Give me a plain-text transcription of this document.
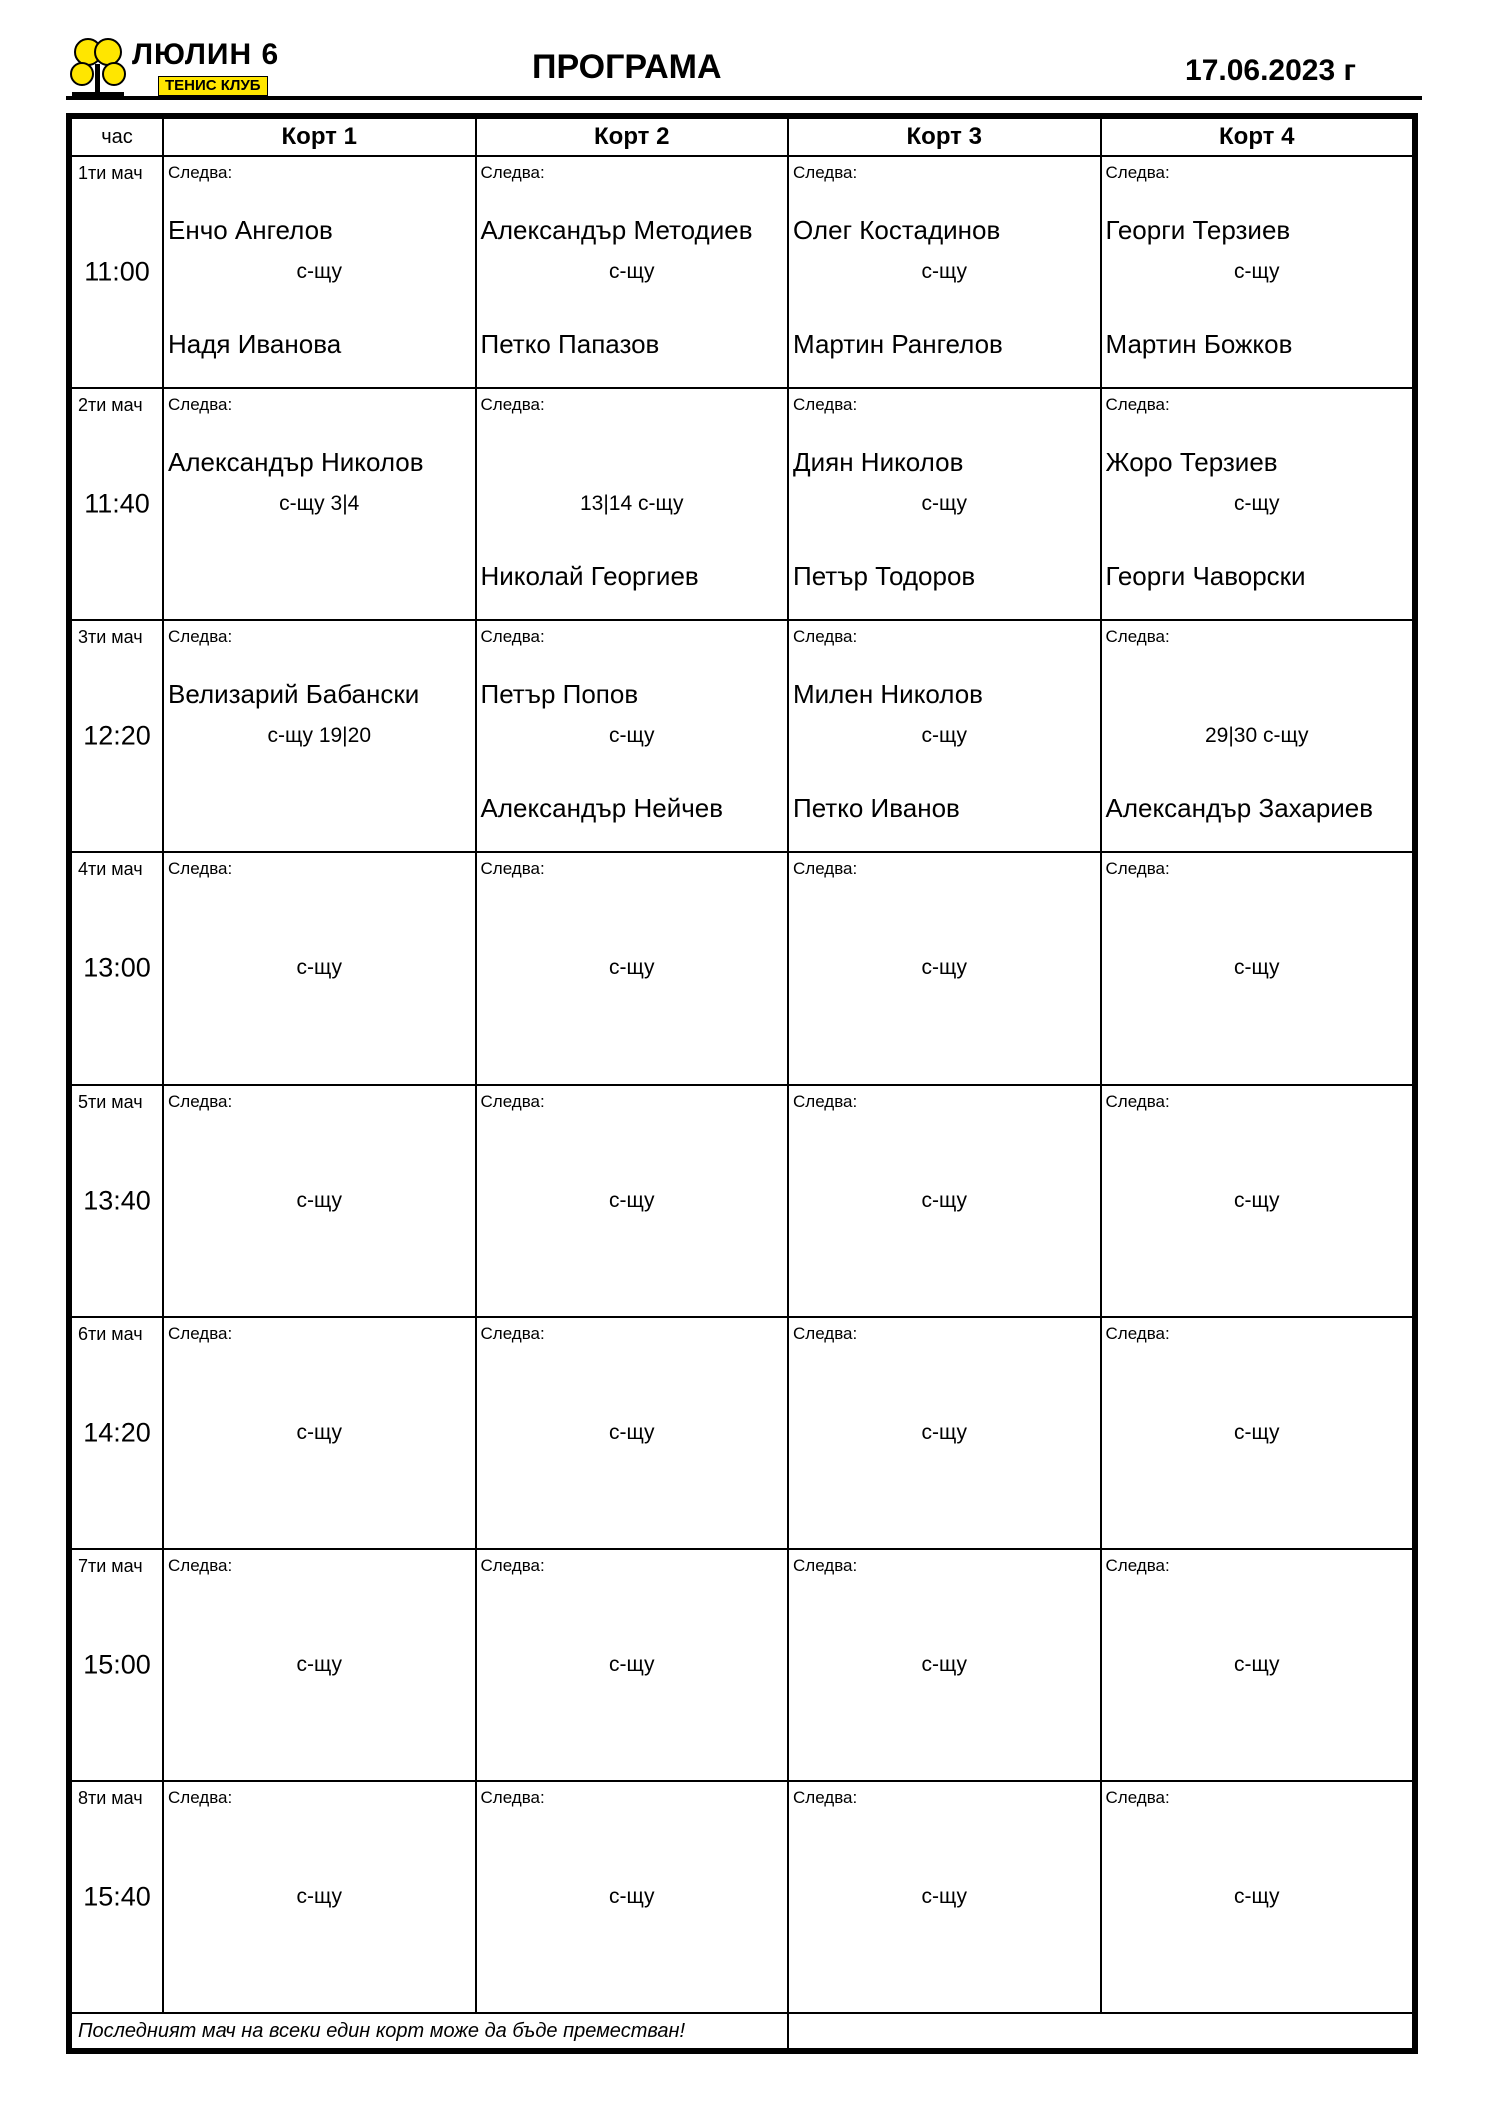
ЛЮЛИН 6
ТЕНИС КЛУБ	ПРОГРАМА	17.06.2023 г
час	Корт 1	Корт 2	Корт 3	Корт 4

1ти мач
11:00	Следва:
Енчо Ангелов
с-щу
Надя Иванова	Следва:
Александър Методиев
с-щу
Петко Папазов	Следва:
Олег Костадинов
с-щу
Мартин Рангелов	Следва:
Георги Терзиев
с-щу
Мартин Божков

2ти мач
11:40	Следва:
Александър Николов
с-щу 3|4	Следва:
13|14 с-щу
Николай Георгиев	Следва:
Диян Николов
с-щу
Петър Тодоров	Следва:
Жоро Терзиев
с-щу
Георги Чаворски

3ти мач
12:20	Следва:
Велизарий Бабански
с-щу 19|20	Следва:
Петър Попов
с-щу
Александър Нейчев	Следва:
Милен Николов
с-щу
Петко Иванов	Следва:
29|30 с-щу
Александър Захариев

4ти мач
13:00	Следва:
с-щу	Следва:
с-щу	Следва:
с-щу	Следва:
с-щу

5ти мач
13:40	Следва:
с-щу	Следва:
с-щу	Следва:
с-щу	Следва:
с-щу

6ти мач
14:20	Следва:
с-щу	Следва:
с-щу	Следва:
с-щу	Следва:
с-щу

7ти мач
15:00	Следва:
с-щу	Следва:
с-щу	Следва:
с-щу	Следва:
с-щу

8ти мач
15:40	Следва:
с-щу	Следва:
с-щу	Следва:
с-щу	Следва:
с-щу

Последният мач на всеки един корт може да бъде преместван!				
